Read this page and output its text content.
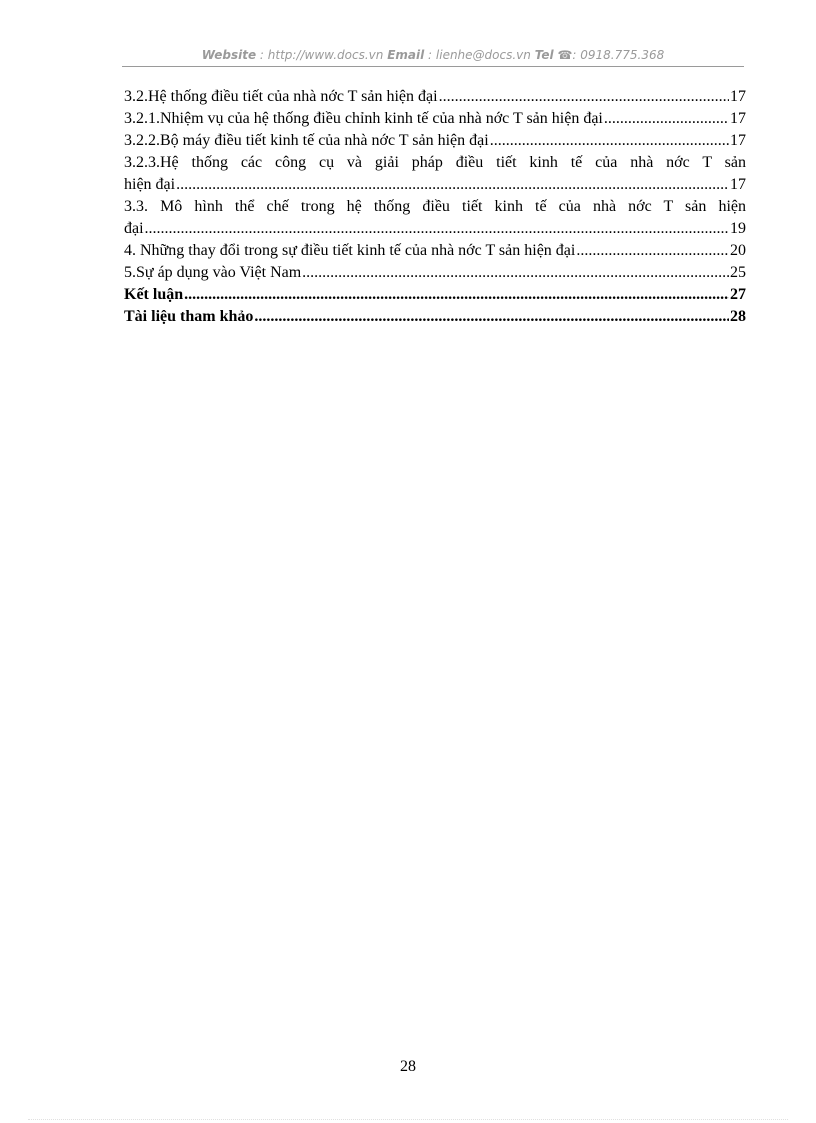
Website : http://www.docs.vn Email : lienhe@docs.vn Tel ☎: 0918.775.368
3.2.Hệ thống điều tiết của nhà nớc T sản hiện đại .....	17
3.2.1.Nhiệm vụ của hệ thống điều chỉnh kinh tế của nhà nớc T sản hiện đại .....	17
3.2.2.Bộ máy điều tiết kinh tế của nhà nớc T sản hiện đại .....	17
3.2.3.Hệ thống các công cụ và giải pháp điều tiết kinh tế của nhà nớc T sản
hiện đại .....	17
3.3. Mô hình thể chế trong hệ thống điều tiết kinh tế của nhà nớc T sản hiện
đại .....	19
4. Những thay đổi trong sự điều tiết kinh tế của nhà nớc T sản hiện đại .....	20
5.Sự áp dụng vào Việt Nam .....	25
Kết luận .....	27
Tài liệu tham khảo .....	28
28
